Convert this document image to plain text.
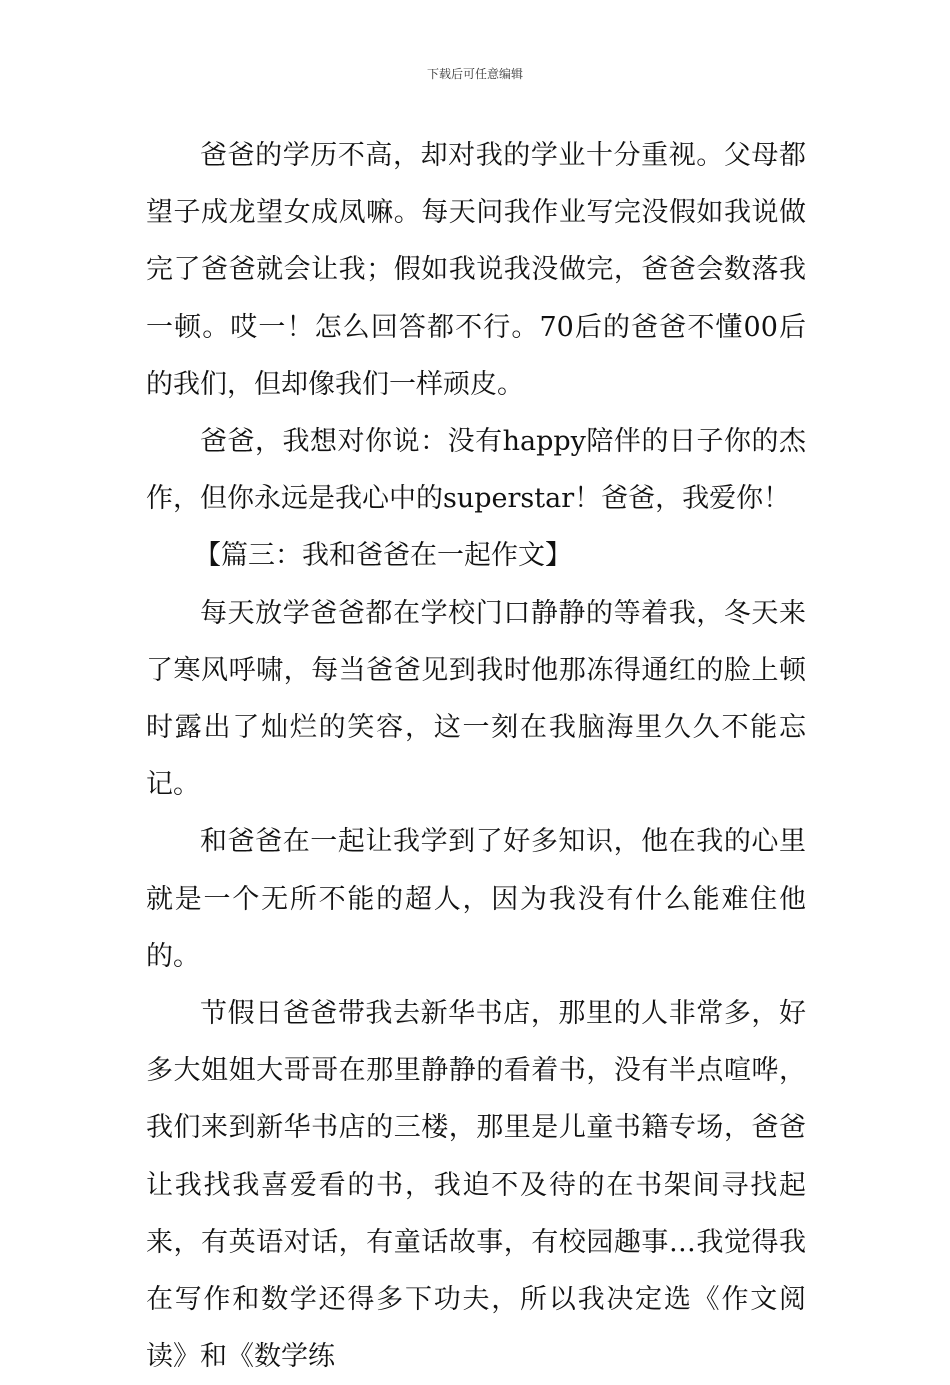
下载后可任意编辑

爸爸的学历不高，却对我的学业十分重视。父母都望子成龙望女成凤嘛。每天问我作业写完没假如我说做完了爸爸就会让我；假如我说我没做完，爸爸会数落我一顿。哎一！怎么回答都不行。70后的爸爸不懂00后的我们，但却像我们一样顽皮。

爸爸，我想对你说：没有happy陪伴的日子你的杰作，但你永远是我心中的superstar！爸爸，我爱你！

【篇三：我和爸爸在一起作文】

每天放学爸爸都在学校门口静静的等着我，冬天来了寒风呼啸，每当爸爸见到我时他那冻得通红的脸上顿时露出了灿烂的笑容，这一刻在我脑海里久久不能忘记。

和爸爸在一起让我学到了好多知识，他在我的心里就是一个无所不能的超人，因为我没有什么能难住他的。

节假日爸爸带我去新华书店，那里的人非常多，好多大姐姐大哥哥在那里静静的看着书，没有半点喧哗，我们来到新华书店的三楼，那里是儿童书籍专场，爸爸让我找我喜爱看的书，我迫不及待的在书架间寻找起来，有英语对话，有童话故事，有校园趣事…我觉得我在写作和数学还得多下功夫，所以我决定选《作文阅读》和《数学练
